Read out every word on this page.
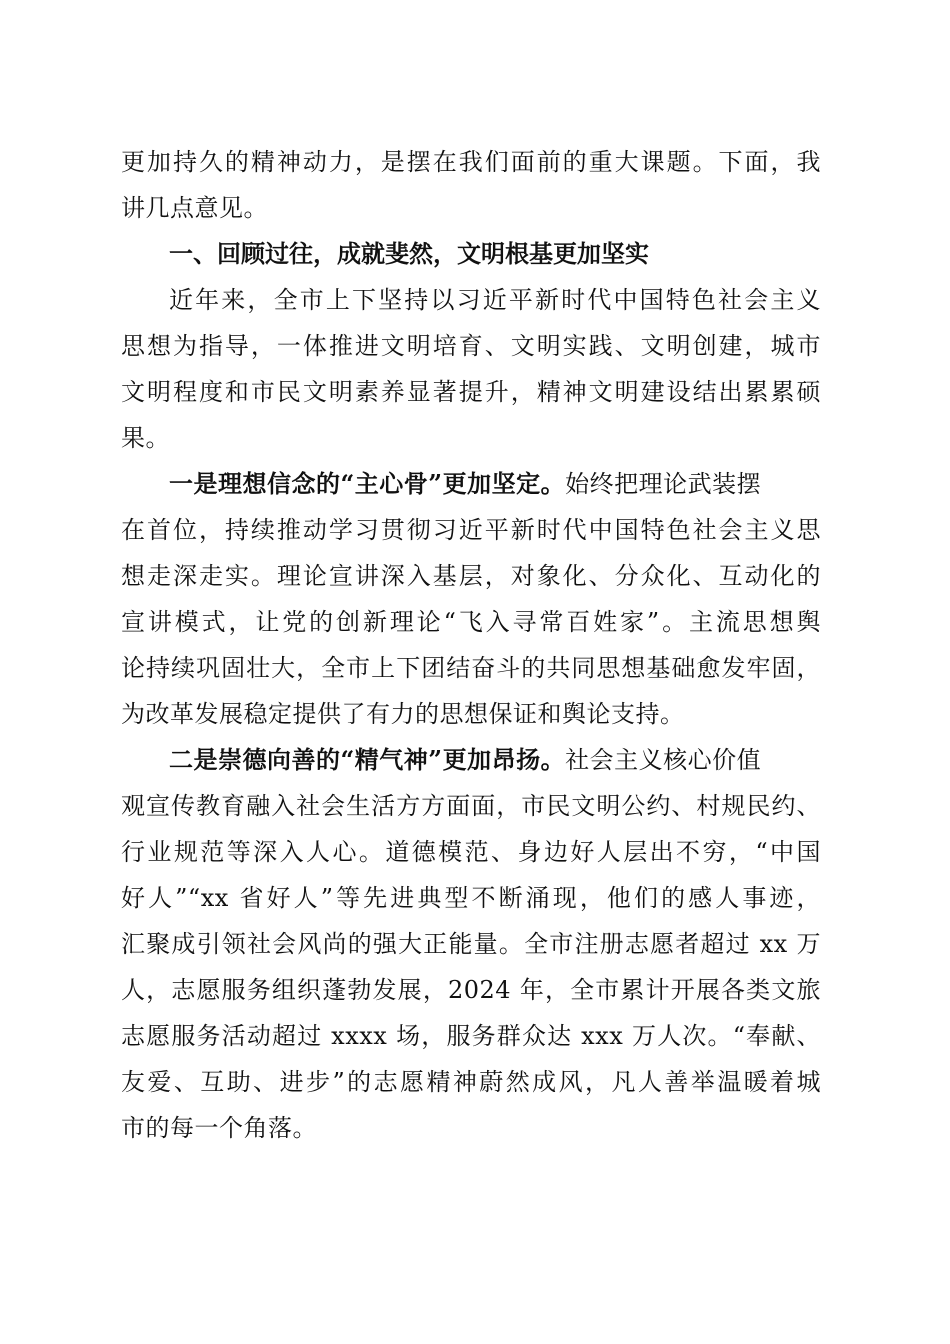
更加持久的精神动力，是摆在我们面前的重大课题。下面，我
讲几点意见。
一、回顾过往，成就斐然，文明根基更加坚实
近年来，全市上下坚持以习近平新时代中国特色社会主义
思想为指导，一体推进文明培育、文明实践、文明创建，城市
文明程度和市民文明素养显著提升，精神文明建设结出累累硕
果。
一是理想信念的“主心骨”更加坚定。始终把理论武装摆
在首位，持续推动学习贯彻习近平新时代中国特色社会主义思
想走深走实。理论宣讲深入基层，对象化、分众化、互动化的
宣讲模式，让党的创新理论“飞入寻常百姓家”。主流思想舆
论持续巩固壮大，全市上下团结奋斗的共同思想基础愈发牢固，
为改革发展稳定提供了有力的思想保证和舆论支持。
二是崇德向善的“精气神”更加昂扬。社会主义核心价值
观宣传教育融入社会生活方方面面，市民文明公约、村规民约、
行业规范等深入人心。道德模范、身边好人层出不穷，“中国
好人”“xx 省好人”等先进典型不断涌现，他们的感人事迹，
汇聚成引领社会风尚的强大正能量。全市注册志愿者超过 xx 万
人，志愿服务组织蓬勃发展，2024 年，全市累计开展各类文旅
志愿服务活动超过 xxxx 场，服务群众达 xxx 万人次。“奉献、
友爱、互助、进步”的志愿精神蔚然成风，凡人善举温暖着城
市的每一个角落。
